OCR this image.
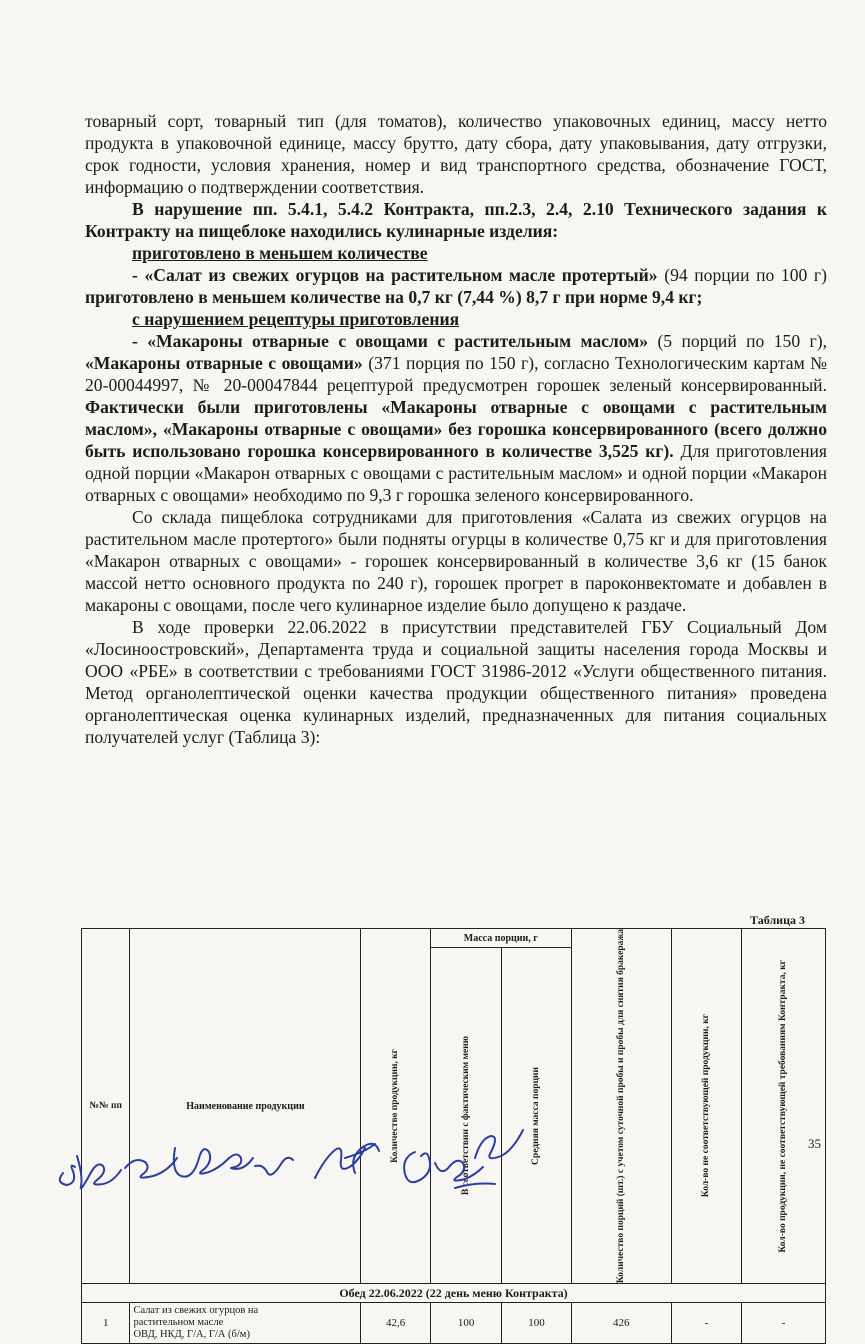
товарный сорт, товарный тип (для томатов), количество упаковочных единиц, массу нетто продукта в упаковочной единице, массу брутто, дату сбора, дату упаковывания, дату отгрузки, срок годности, условия хранения, номер и вид транспортного средства, обозначение ГОСТ, информацию о подтверждении соответствия.

В нарушение пп. 5.4.1, 5.4.2 Контракта, пп.2.3, 2.4, 2.10 Технического задания к Контракту на пищеблоке находились кулинарные изделия:

приготовлено в меньшем количестве

- «Салат из свежих огурцов на растительном масле протертый» (94 порции по 100 г) приготовлено в меньшем количестве на 0,7 кг (7,44 %) 8,7 г при норме 9,4 кг;

с нарушением рецептуры приготовления

- «Макароны отварные с овощами с растительным маслом» (5 порций по 150 г), «Макароны отварные с овощами» (371 порция по 150 г), согласно Технологическим картам № 20-00044997, № 20-00047844 рецептурой предусмотрен горошек зеленый консервированный. Фактически были приготовлены «Макароны отварные с овощами с растительным маслом», «Макароны отварные с овощами» без горошка консервированного (всего должно быть использовано горошка консервированного в количестве 3,525 кг). Для приготовления одной порции «Макарон отварных с овощами с растительным маслом» и одной порции «Макарон отварных с овощами» необходимо по 9,3 г горошка зеленого консервированного.

Со склада пищеблока сотрудниками для приготовления «Салата из свежих огурцов на растительном масле протертого» были подняты огурцы в количестве 0,75 кг и для приготовления «Макарон отварных с овощами» - горошек консервированный в количестве 3,6 кг (15 банок массой нетто основного продукта по 240 г), горошек прогрет в пароконвектомате и добавлен в макароны с овощами, после чего кулинарное изделие было допущено к раздаче.

В ходе проверки 22.06.2022 в присутствии представителей ГБУ Социальный Дом «Лосиноостровский», Департамента труда и социальной защиты населения города Москвы и ООО «РБЕ» в соответствии с требованиями ГОСТ 31986-2012 «Услуги общественного питания. Метод органолептической оценки качества продукции общественного питания» проведена органолептическая оценка кулинарных изделий, предназначенных для питания социальных получателей услуг (Таблица 3):

Таблица 3
№№ пп	Наименование продукции	Количество продукции, кг	Масса порции, г		Количество порций (шт.) с учетом суточной пробы и пробы для снятия бракеража	Кол-во не соответствующей продукции, кг	Кол-во продукции, не соответствующей требованиям Контракта, кг

			В соответствии с фактическим меню	Средняя масса порции			

Обед 22.06.2022 (22 день меню Контракта)							
1	Салат из свежих огурцов на
растительном масле
ОВД, НКД, Г/А, Г/А (б/м)	42,6	100	100	426	-	-
35
